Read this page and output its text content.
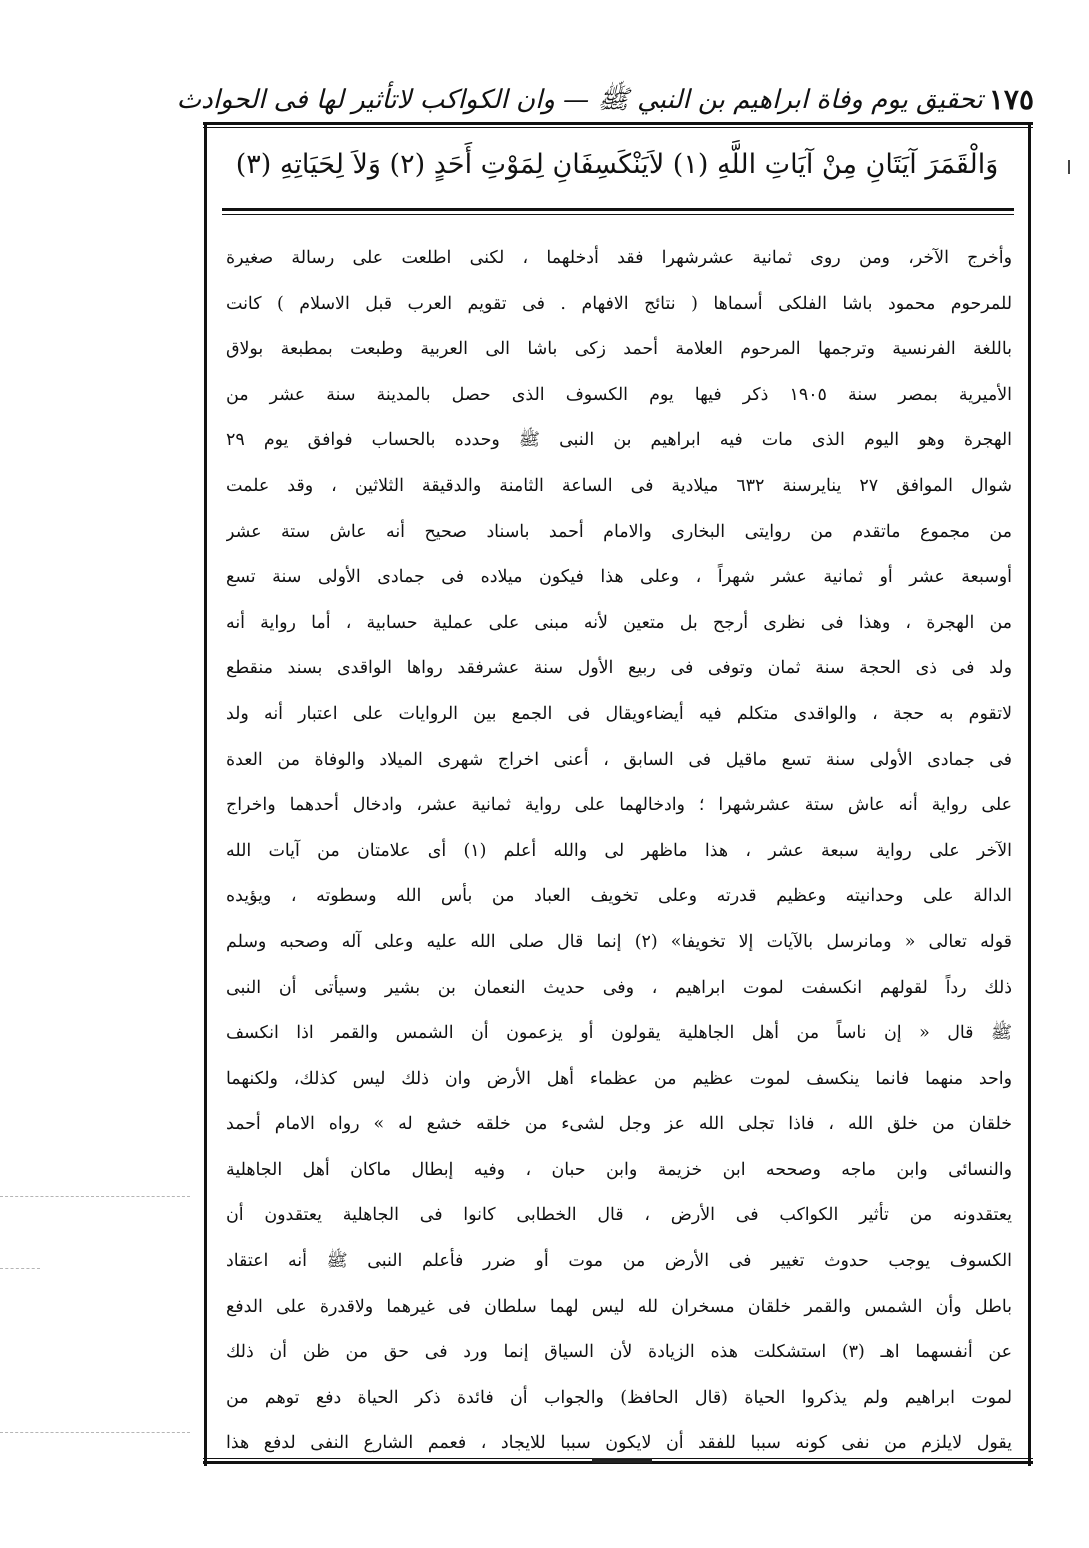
١٧٥
تحقيق يوم وفاة ابراهيم بن النبي ﷺ — وان الكواكب لاتأثير لها فى الحوادث
وَالْقَمَرَ آيَتَانِ مِنْ آيَاتِ اللَّهِ (١) لاَيَنْكَسِفَانِ لِمَوْتِ أَحَدٍ (٢) وَلاَ لِحَيَاتِهِ (٣)
وأخرج الآخر، ومن روى ثمانية عشرشهرا فقد أدخلهما ، لكنى اطلعت على رسالة صغيرة
للمرحوم محمود باشا الفلكى أسماها ( نتائج الافهام . فى تقويم العرب قبل الاسلام ) كانت
باللغة الفرنسية وترجمها المرحوم العلامة أحمد زكى باشا الى العربية وطبعت بمطبعة بولاق
الأميرية بمصر سنة ١٩٠٥ ذكر فيها يوم الكسوف الذى حصل بالمدينة سنة عشر من
الهجرة وهو اليوم الذى مات فيه ابراهيم بن النبى ﷺ وحدده بالحساب فوافق يوم ٢٩
شوال الموافق ٢٧ ينايرسنة ٦٣٢ ميلادية فى الساعة الثامنة والدقيقة الثلاثين ، وقد علمت
من مجموع ماتقدم من روايتى البخارى والامام أحمد باسناد صحيح أنه عاش ستة عشر
أوسبعة عشر أو ثمانية عشر شهراً ، وعلى هذا فيكون ميلاده فى جمادى الأولى سنة تسع
من الهجرة ، وهذا فى نظرى أرجح بل متعين لأنه مبنى على عملية حسابية ، أما رواية أنه
ولد فى ذى الحجة سنة ثمان وتوفى فى ربيع الأول سنة عشرفقد رواها الواقدى بسند منقطع
لاتقوم به حجة ، والواقدى متكلم فيه أيضاءويقال فى الجمع بين الروايات على اعتبار أنه ولد
فى جمادى الأولى سنة تسع ماقيل فى السابق ، أعنى اخراج شهرى الميلاد والوفاة من العدة
على رواية أنه عاش ستة عشرشهرا ؛ وادخالهما على رواية ثمانية عشر، وادخال أحدهما واخراج
الآخر على رواية سبعة عشر ، هذا ماظهر لى والله أعلم (١) أى علامتان من آيات الله
الدالة على وحدانيته وعظيم قدرته وعلى تخويف العباد من بأس الله وسطوته ، ويؤيده
قوله تعالى « ومانرسل بالآيات إلا تخويفا» (٢) إنما قال صلى الله عليه وعلى آله وصحبه وسلم
ذلك رداً لقولهم انكسفت لموت ابراهيم ، وفى حديث النعمان بن بشير وسيأتى أن النبى
ﷺ قال « إن ناساً من أهل الجاهلية يقولون أو يزعمون أن الشمس والقمر اذا انكسف
واحد منهما فانما ينكسف لموت عظيم من عظماء أهل الأرض وان ذلك ليس كذلك، ولكنهما
خلقان من خلق الله ، فاذا تجلى الله عز وجل لشىء من خلقه خشع له » رواه الامام أحمد
والنسائى وابن ماجه وصححه ابن خزيمة وابن حبان ، وفيه إبطال ماكان أهل الجاهلية
يعتقدونه من تأثير الكواكب فى الأرض ، قال الخطابى كانوا فى الجاهلية يعتقدون أن
الكسوف يوجب حدوث تغيير فى الأرض من موت أو ضرر فأعلم النبى ﷺ أنه اعتقاد
باطل وأن الشمس والقمر خلقان مسخران لله ليس لهما سلطان فى غيرهما ولاقدرة على الدفع
عن أنفسهما اهـ (٣) استشكلت هذه الزيادة لأن السياق إنما ورد فى حق من ظن أن ذلك
لموت ابراهيم ولم يذكروا الحياة (قال الحافظ) والجواب أن فائدة ذكر الحياة دفع توهم من
يقول لايلزم من نفى كونه سببا للفقد أن لايكون سببا للايجاد ، فعمم الشارع النفى لدفع هذا
